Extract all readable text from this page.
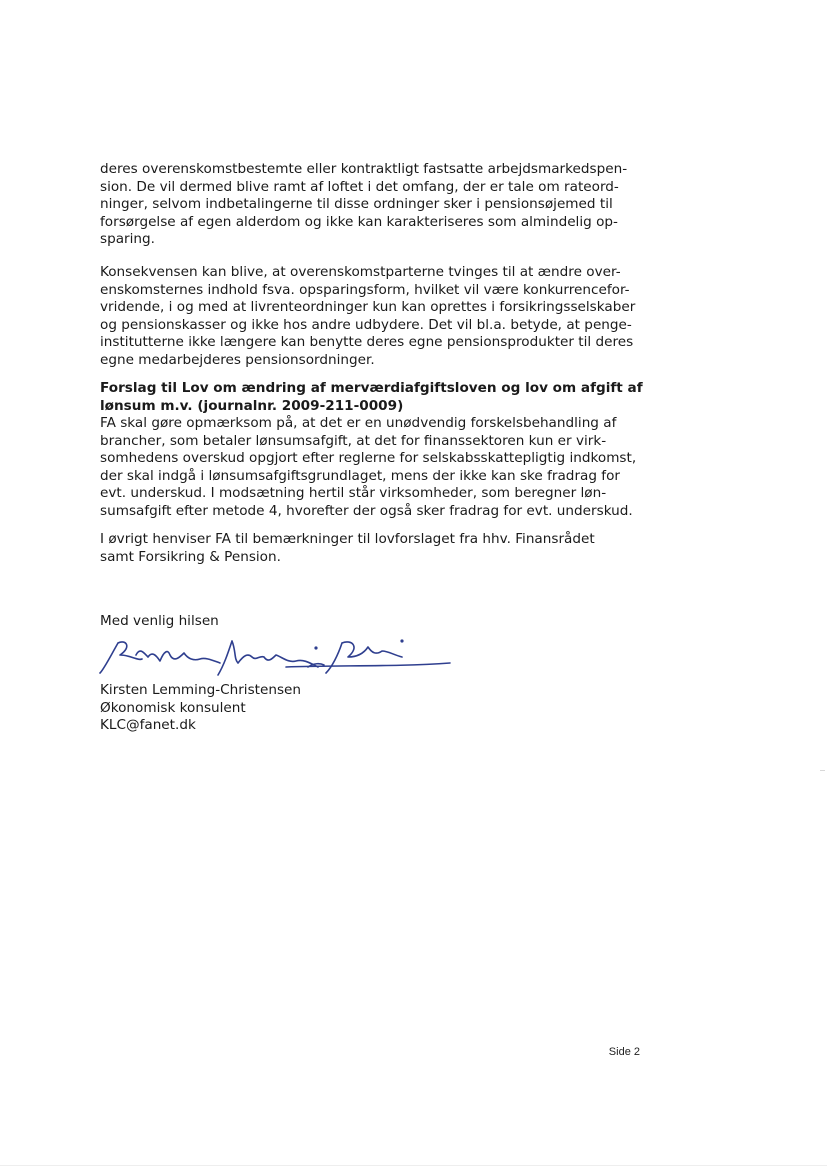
deres overenskomstbestemte eller kontraktligt fastsatte arbejdsmarkedspen-
sion. De vil dermed blive ramt af loftet i det omfang, der er tale om rateord-
ninger, selvom indbetalingerne til disse ordninger sker i pensionsøjemed til
forsørgelse af egen alderdom og ikke kan karakteriseres som almindelig op-
sparing.
Konsekvensen kan blive, at overenskomstparterne tvinges til at ændre over-
enskomsternes indhold fsva. opsparingsform, hvilket vil være konkurrencefor-
vridende, i og med at livrenteordninger kun kan oprettes i forsikringsselskaber
og pensionskasser og ikke hos andre udbydere. Det vil bl.a. betyde, at penge-
institutterne ikke længere kan benytte deres egne pensionsprodukter til deres
egne medarbejderes pensionsordninger.
Forslag til Lov om ændring af merværdiafgiftsloven og lov om afgift af
lønsum m.v. (journalnr. 2009-211-0009)
FA skal gøre opmærksom på, at det er en unødvendig forskelsbehandling af
brancher, som betaler lønsumsafgift, at det for finanssektoren kun er virk-
somhedens overskud opgjort efter reglerne for selskabsskattepligtig indkomst,
der skal indgå i lønsumsafgiftsgrundlaget, mens der ikke kan ske fradrag for
evt. underskud. I modsætning hertil står virksomheder, som beregner løn-
sumsafgift efter metode 4, hvorefter der også sker fradrag for evt. underskud.
I øvrigt henviser FA til bemærkninger til lovforslaget fra hhv. Finansrådet
samt Forsikring & Pension.
Med venlig hilsen
Kirsten Lemming-Christensen
Økonomisk konsulent
KLC@fanet.dk
Side 2
